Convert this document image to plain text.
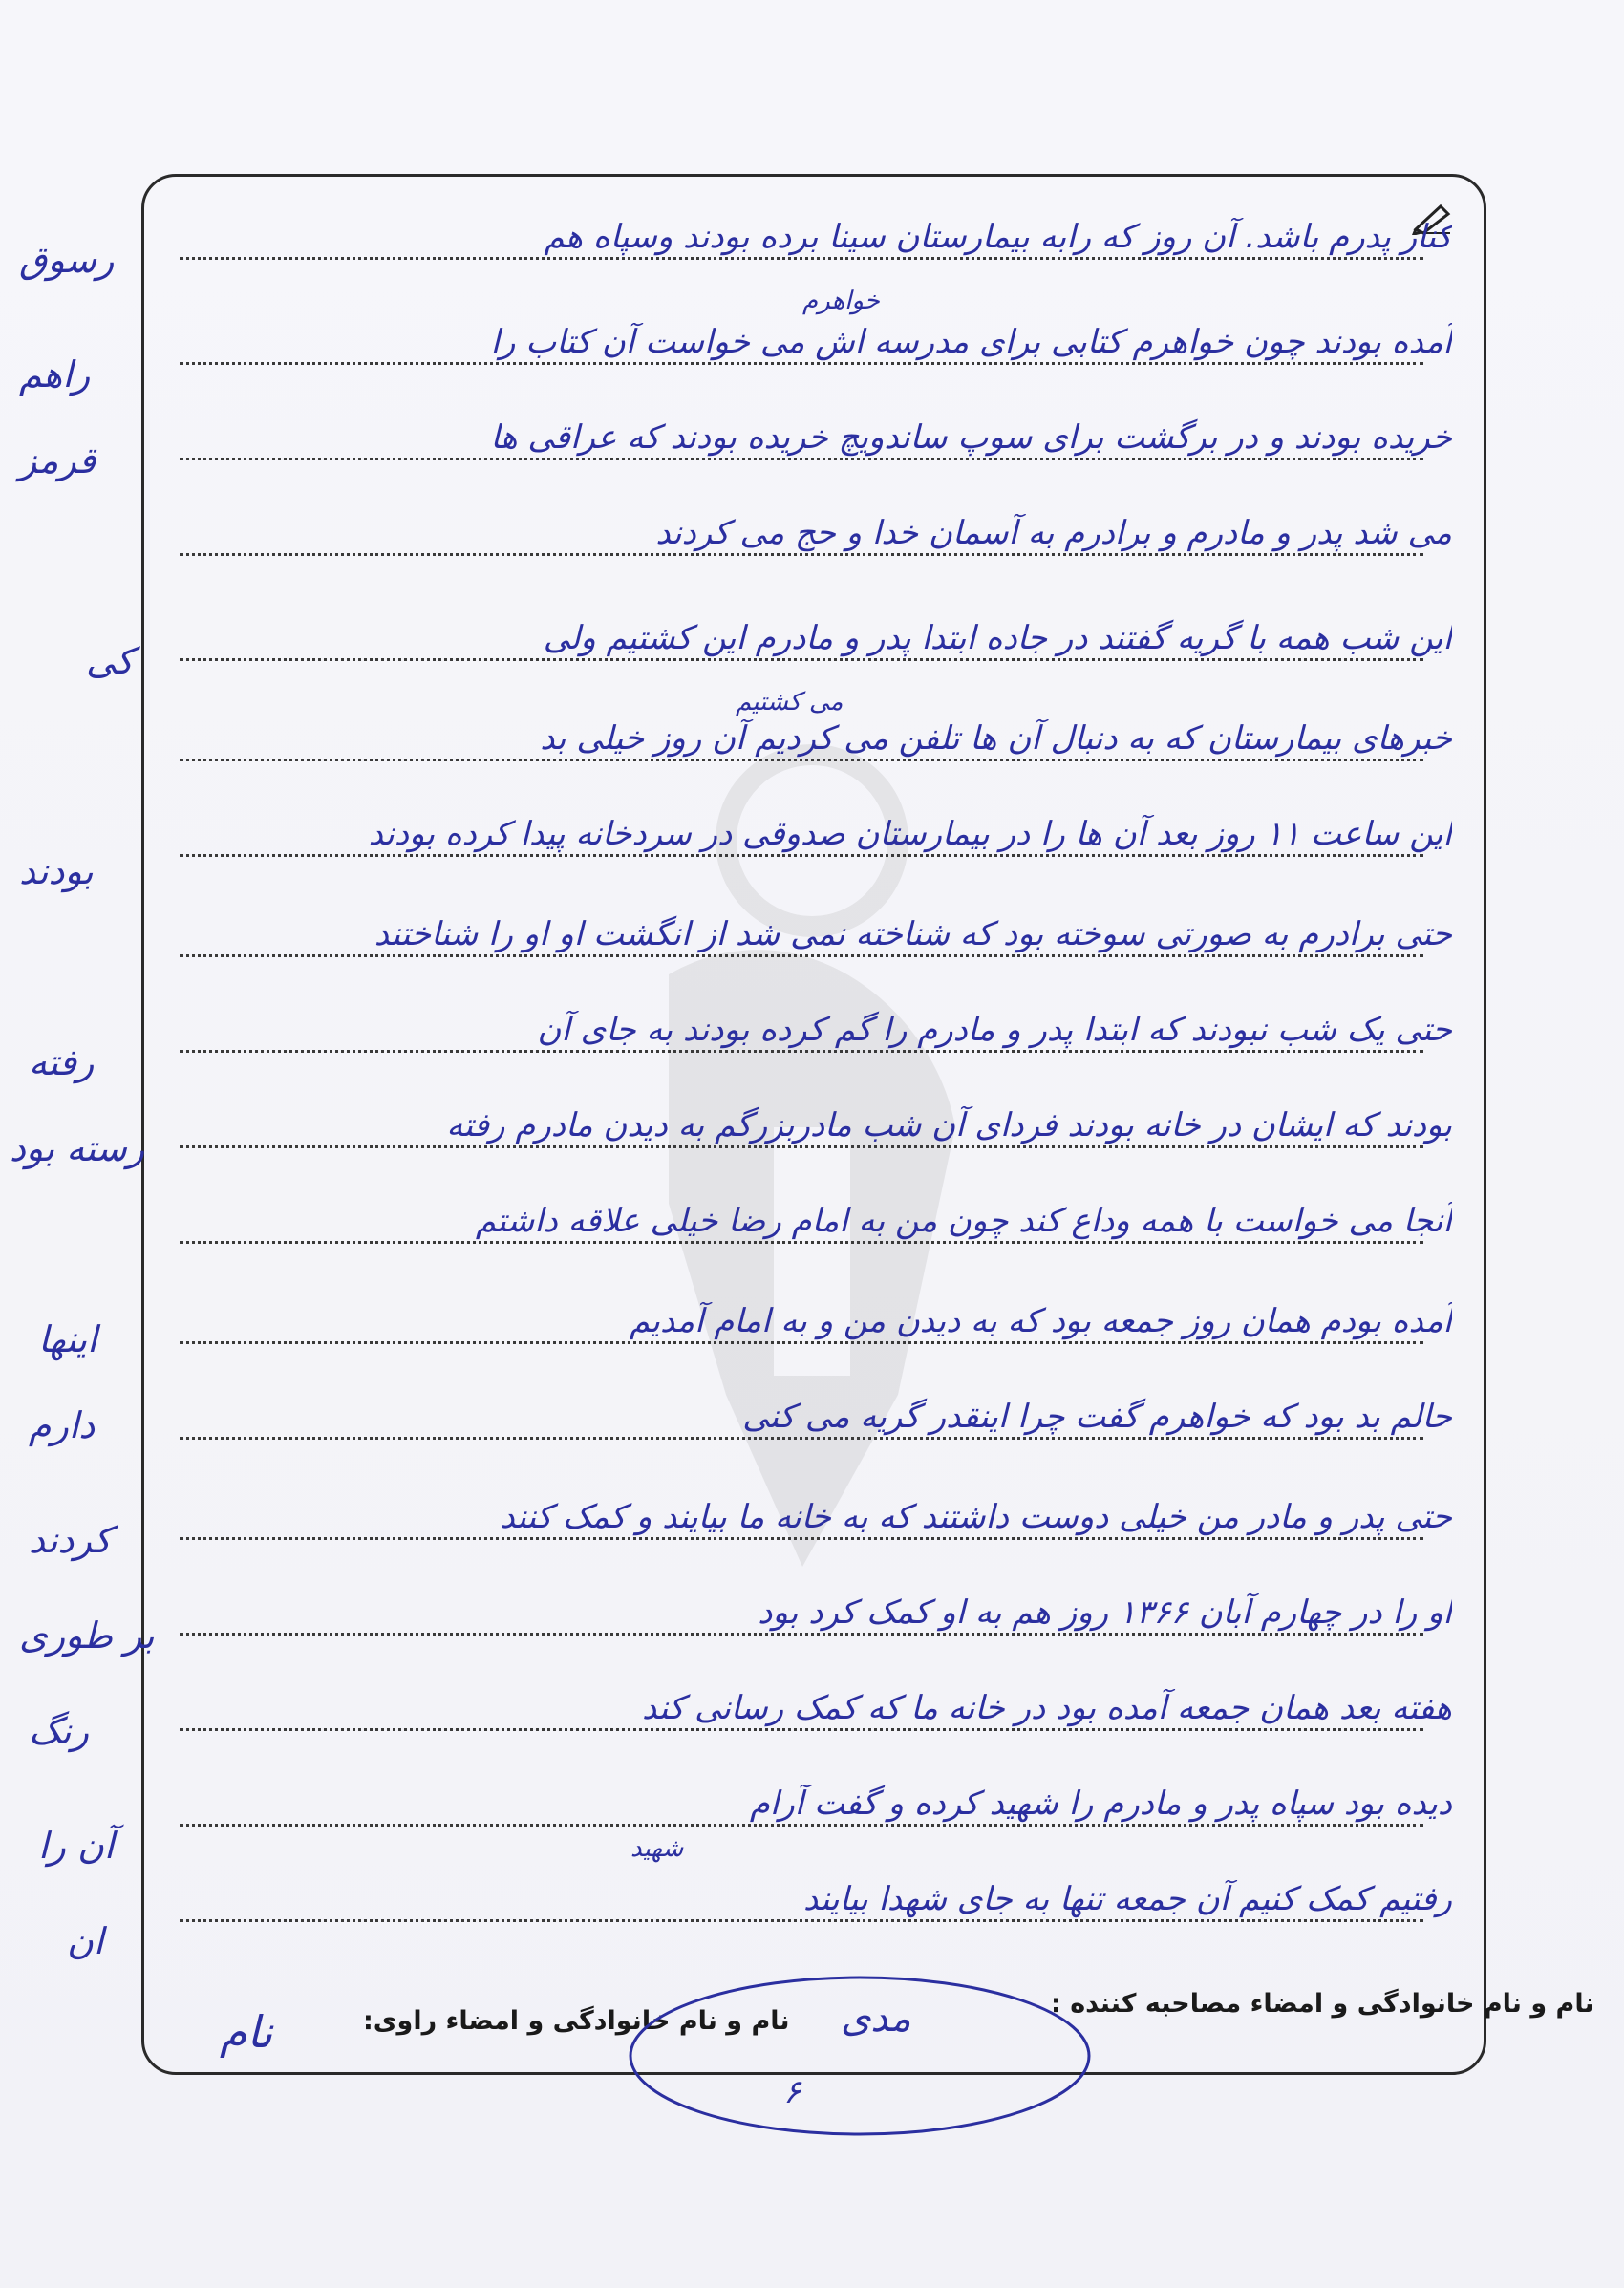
کنار پدرم باشد. آن روز که رابه بیمارستان سینا برده بودند وسپاه هم
آمده بودند چون خواهرم کتابی برای مدرسه اش می خواست آن کتاب را
خریده بودند و در برگشت برای سوپ ساندویچ خریده بودند که عراقی ها
می شد پدر و مادرم و برادرم به آسمان خدا و حج می کردند
این شب همه با گریه گفتند در جاده ابتدا پدر و مادرم این کشتیم ولی
خبرهای بیمارستان که به دنبال آن ها تلفن می کردیم آن روز خیلی بد
این ساعت ۱۱ روز بعد آن ها را در بیمارستان صدوقی در سردخانه پیدا کرده بودند
حتی برادرم به صورتی سوخته بود که شناخته نمی شد از انگشت او او را شناختند
حتی یک شب نبودند که ابتدا پدر و مادرم را گم کرده بودند به جای آن
بودند که ایشان در خانه بودند فردای آن شب مادربزرگم به دیدن مادرم رفته
آنجا می خواست با همه وداع کند چون من به امام رضا خیلی علاقه داشتم
آمده بودم همان روز جمعه بود که به دیدن من و به امام آمدیم
حالم بد بود که خواهرم گفت چرا اینقدر گریه می کنی
حتی پدر و مادر من خیلی دوست داشتند که به خانه ما بیایند و کمک کنند
او را در چهارم آبان ۱۳۶۶ روز هم به او کمک کرد بود
هفته بعد همان جمعه آمده بود در خانه ما که کمک رسانی کند
دیده بود سپاه پدر و مادرم را شهید کرده و گفت آرام
رفتیم کمک کنیم آن جمعه تنها به جای شهدا بیایند
خواهرم
می کشتیم
شهید
رسوق
راهم
قرمز
کی
بودند
رفته
رسته بود
اینها
دارم
کردند
بر طوری
رنگ
آن را
ان
نام و نام خانوادگی و امضاء مصاحبه کننده :
نام و نام خانوادگی و امضاء راوی: مدی
نام
۶
